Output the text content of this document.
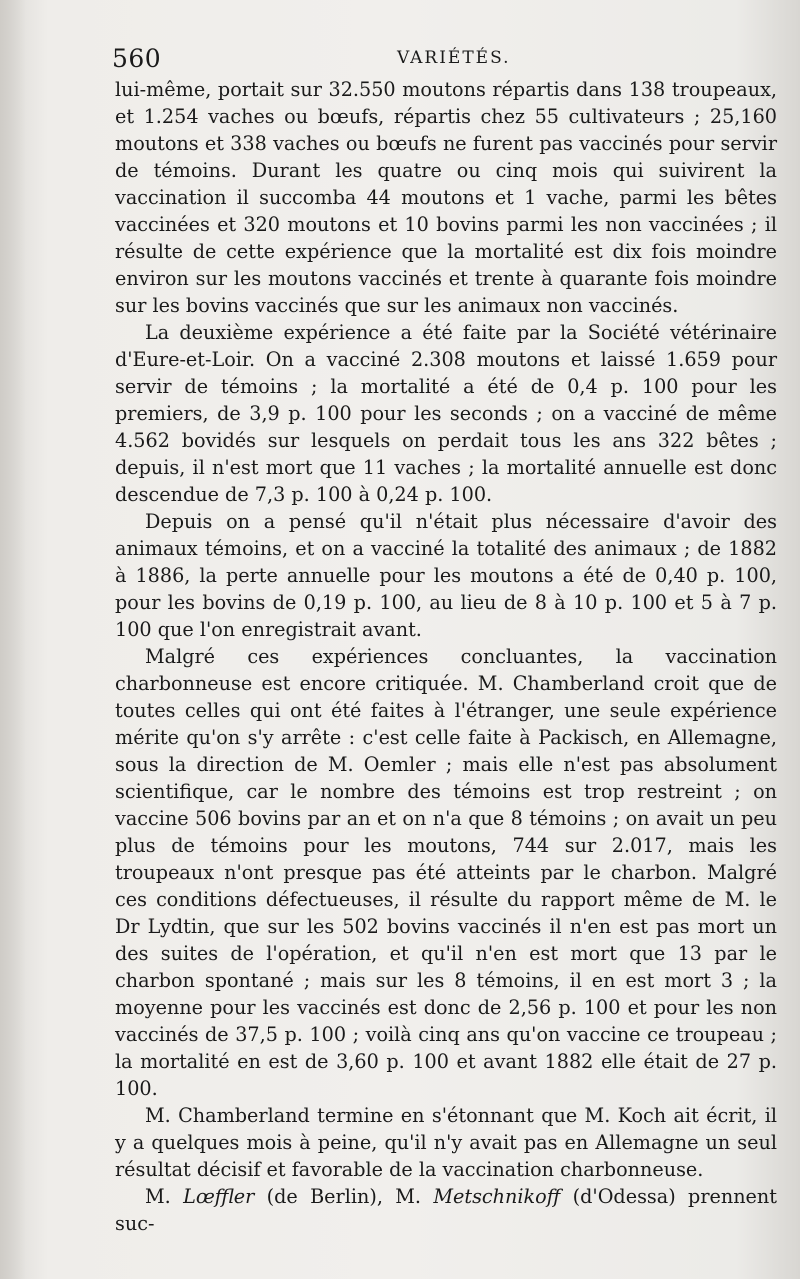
560	VARIÉTÉS.

lui-même, portait sur 32.550 moutons répartis dans 138 troupeaux, et 1.254 vaches ou bœufs, répartis chez 55 cultivateurs ; 25,160 moutons et 338 vaches ou bœufs ne furent pas vaccinés pour servir de témoins. Durant les quatre ou cinq mois qui suivirent la vaccination il succomba 44 moutons et 1 vache, parmi les bêtes vaccinées et 320 moutons et 10 bovins parmi les non vaccinées ; il résulte de cette expérience que la mortalité est dix fois moindre environ sur les moutons vaccinés et trente à quarante fois moindre sur les bovins vaccinés que sur les animaux non vaccinés.

La deuxième expérience a été faite par la Société vétérinaire d'Eure-et-Loir. On a vacciné 2.308 moutons et laissé 1.659 pour servir de témoins ; la mortalité a été de 0,4 p. 100 pour les premiers, de 3,9 p. 100 pour les seconds ; on a vacciné de même 4.562 bovidés sur lesquels on perdait tous les ans 322 bêtes ; depuis, il n'est mort que 11 vaches ; la mortalité annuelle est donc descendue de 7,3 p. 100 à 0,24 p. 100.

Depuis on a pensé qu'il n'était plus nécessaire d'avoir des animaux témoins, et on a vacciné la totalité des animaux ; de 1882 à 1886, la perte annuelle pour les moutons a été de 0,40 p. 100, pour les bovins de 0,19 p. 100, au lieu de 8 à 10 p. 100 et 5 à 7 p. 100 que l'on enregistrait avant.

Malgré ces expériences concluantes, la vaccination charbonneuse est encore critiquée. M. Chamberland croit que de toutes celles qui ont été faites à l'étranger, une seule expérience mérite qu'on s'y arrête : c'est celle faite à Packisch, en Allemagne, sous la direction de M. Oemler ; mais elle n'est pas absolument scientifique, car le nombre des témoins est trop restreint ; on vaccine 506 bovins par an et on n'a que 8 témoins ; on avait un peu plus de témoins pour les moutons, 744 sur 2.017, mais les troupeaux n'ont presque pas été atteints par le charbon. Malgré ces conditions défectueuses, il résulte du rapport même de M. le Dr Lydtin, que sur les 502 bovins vaccinés il n'en est pas mort un des suites de l'opération, et qu'il n'en est mort que 13 par le charbon spontané ; mais sur les 8 témoins, il en est mort 3 ; la moyenne pour les vaccinés est donc de 2,56 p. 100 et pour les non vaccinés de 37,5 p. 100 ; voilà cinq ans qu'on vaccine ce troupeau ; la mortalité en est de 3,60 p. 100 et avant 1882 elle était de 27 p. 100.

M. Chamberland termine en s'étonnant que M. Koch ait écrit, il y a quelques mois à peine, qu'il n'y avait pas en Allemagne un seul résultat décisif et favorable de la vaccination charbonneuse.

M. Lœffler (de Berlin), M. Metschnikoff (d'Odessa) prennent suc-
